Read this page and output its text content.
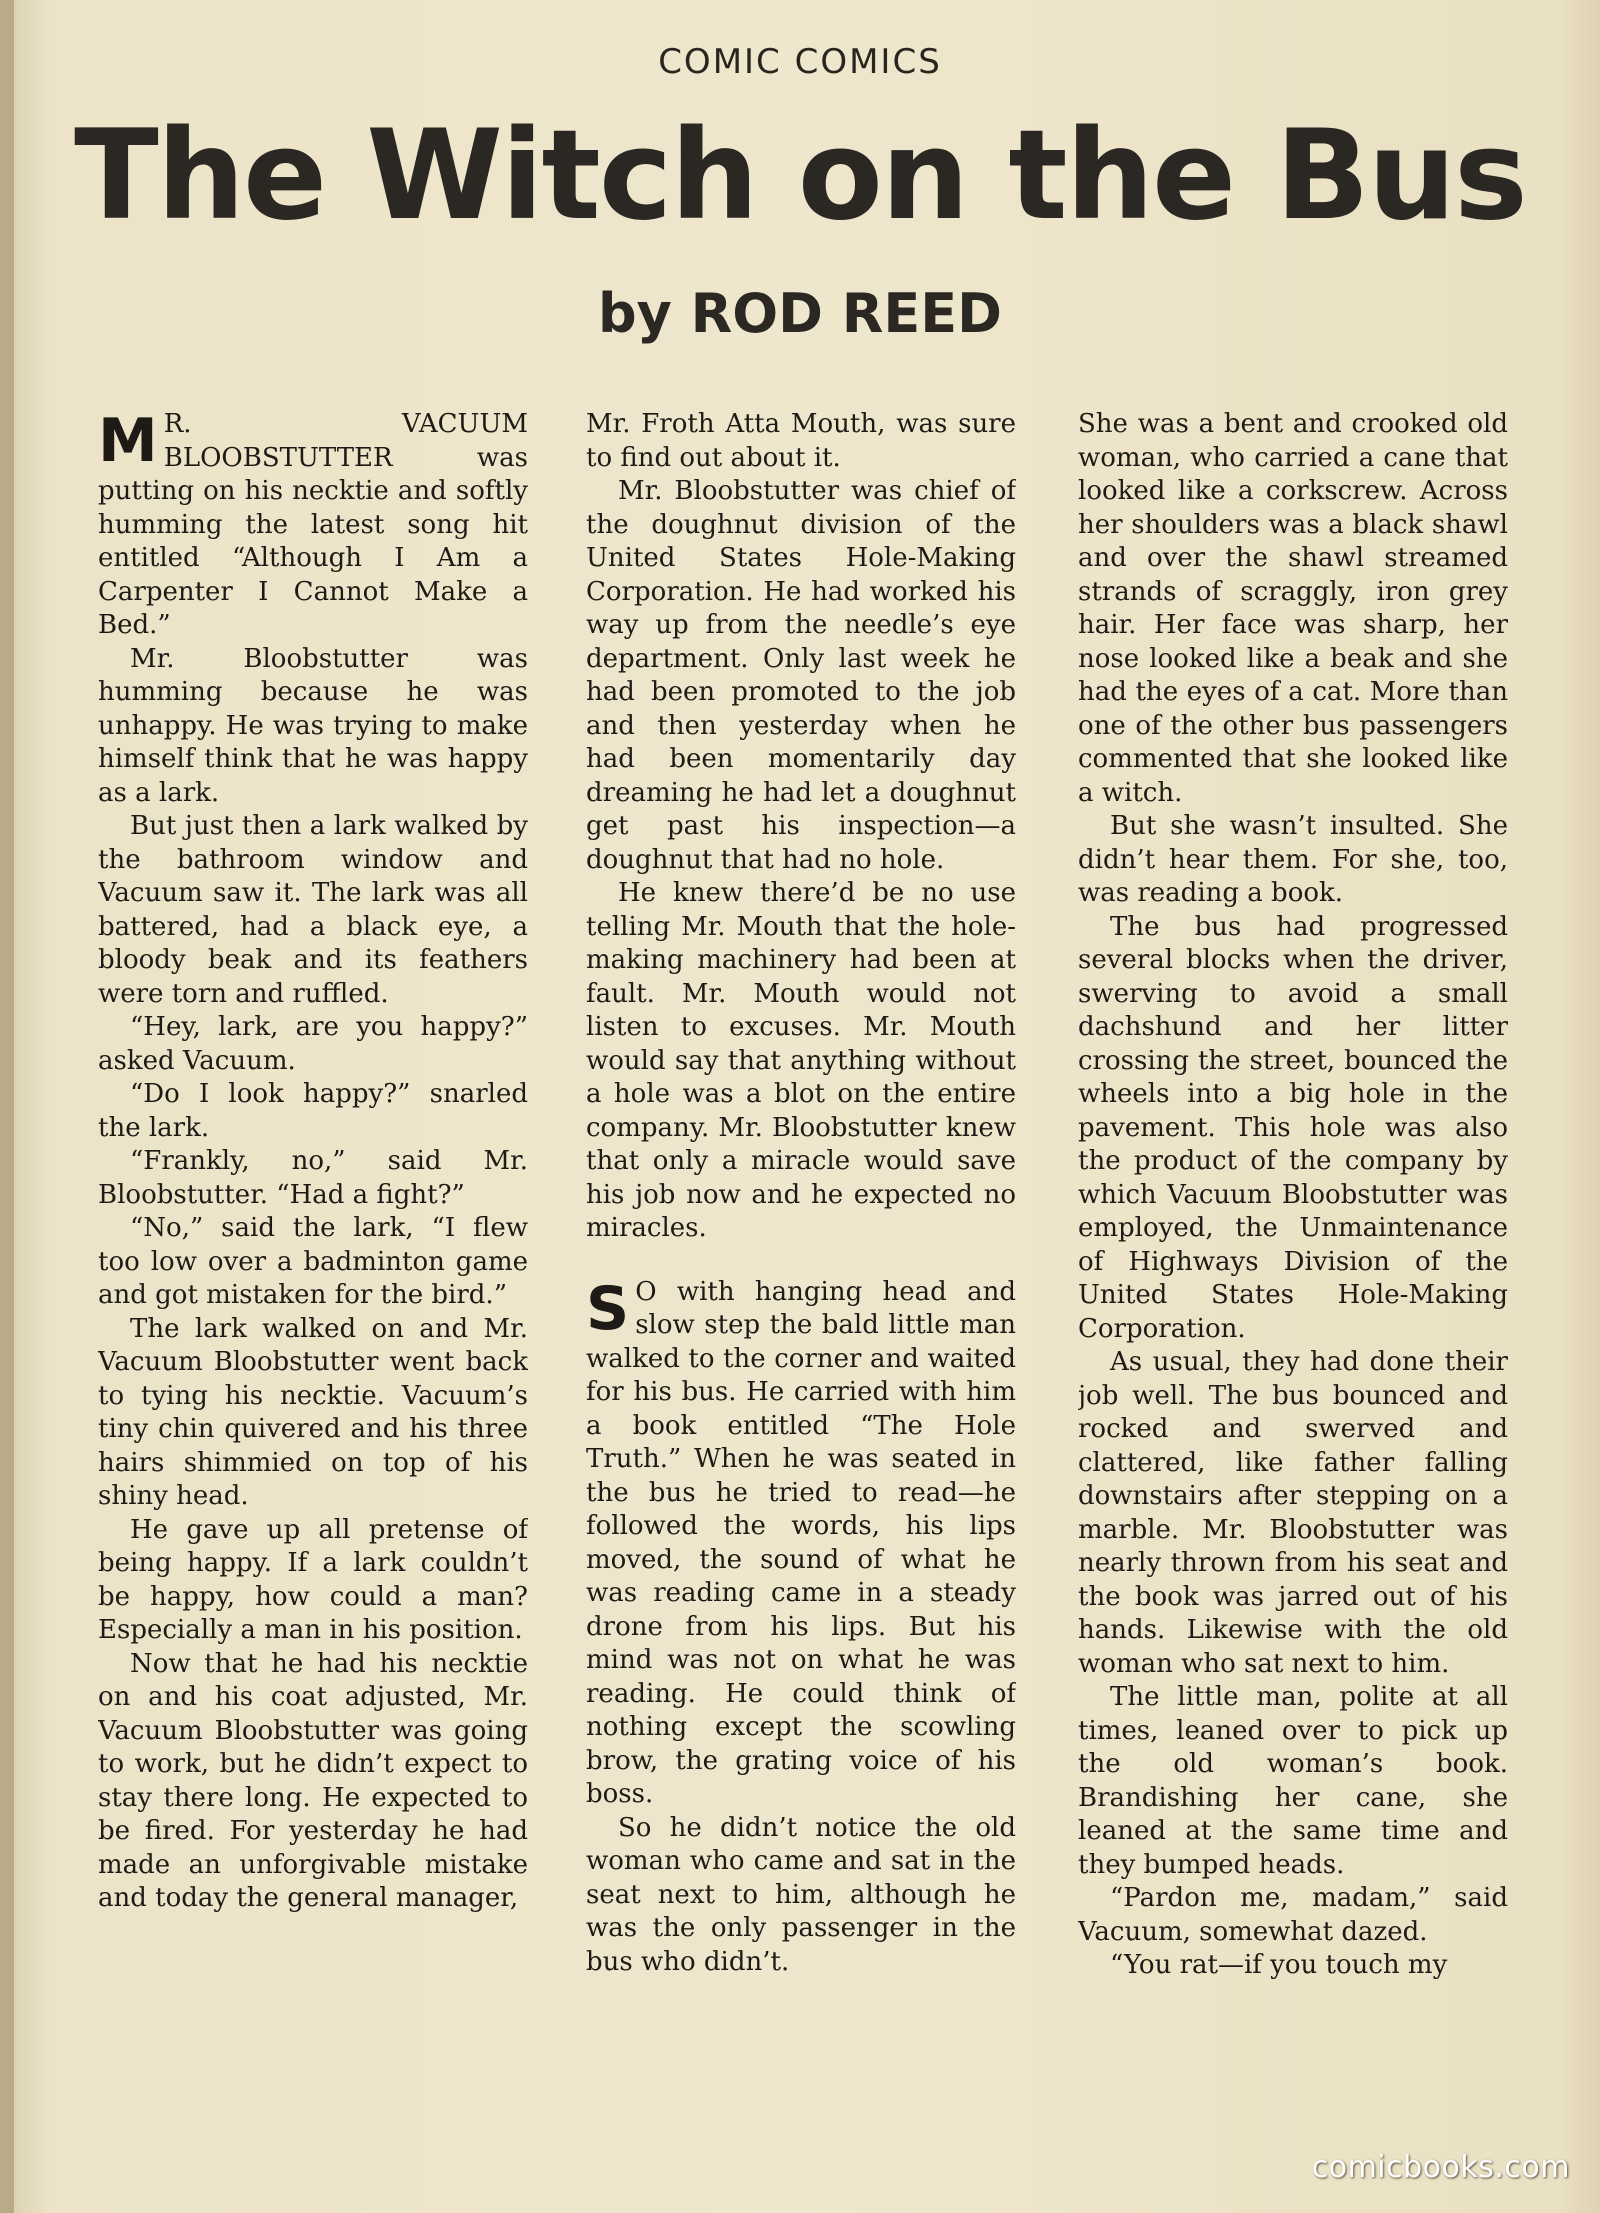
COMIC COMICS
The Witch on the Bus
by ROD REED

M R. VACUUM BLOOBSTUTTER was putting on his necktie and softly humming the latest song hit entitled “Although I Am a Carpenter I Cannot Make a Bed.”

Mr. Bloobstutter was humming because he was unhappy. He was trying to make himself think that he was happy as a lark.

But just then a lark walked by the bathroom window and Vacuum saw it. The lark was all battered, had a black eye, a bloody beak and its feathers were torn and ruffled.

“Hey, lark, are you happy?” asked Vacuum.

“Do I look happy?” snarled the lark.

“Frankly, no,” said Mr. Bloobstutter. “Had a fight?”

“No,” said the lark, “I flew too low over a badminton game and got mistaken for the bird.”

The lark walked on and Mr. Vacuum Bloobstutter went back to tying his necktie. Vacuum’s tiny chin quivered and his three hairs shimmied on top of his shiny head.

He gave up all pretense of being happy. If a lark couldn’t be happy, how could a man? Especially a man in his position.

Now that he had his necktie on and his coat adjusted, Mr. Vacuum Bloobstutter was going to work, but he didn’t expect to stay there long. He expected to be fired. For yesterday he had made an unforgivable mistake and today the general manager,

Mr. Froth Atta Mouth, was sure to find out about it.

Mr. Bloobstutter was chief of the doughnut division of the United States Hole-Making Corporation. He had worked his way up from the needle’s eye department. Only last week he had been promoted to the job and then yesterday when he had been momentarily day dreaming he had let a doughnut get past his inspection—a doughnut that had no hole.

He knew there’d be no use telling Mr. Mouth that the hole-making machinery had been at fault. Mr. Mouth would not listen to excuses. Mr. Mouth would say that anything without a hole was a blot on the entire company. Mr. Bloobstutter knew that only a miracle would save his job now and he expected no miracles.

S O with hanging head and slow step the bald little man walked to the corner and waited for his bus. He carried with him a book entitled “The Hole Truth.” When he was seated in the bus he tried to read—he followed the words, his lips moved, the sound of what he was reading came in a steady drone from his lips. But his mind was not on what he was reading. He could think of nothing except the scowling brow, the grating voice of his boss.

So he didn’t notice the old woman who came and sat in the seat next to him, although he was the only passenger in the bus who didn’t.

She was a bent and crooked old woman, who carried a cane that looked like a corkscrew. Across her shoulders was a black shawl and over the shawl streamed strands of scraggly, iron grey hair. Her face was sharp, her nose looked like a beak and she had the eyes of a cat. More than one of the other bus passengers commented that she looked like a witch.

But she wasn’t insulted. She didn’t hear them. For she, too, was reading a book.

The bus had progressed several blocks when the driver, swerving to avoid a small dachshund and her litter crossing the street, bounced the wheels into a big hole in the pavement. This hole was also the product of the company by which Vacuum Bloobstutter was employed, the Unmaintenance of Highways Division of the United States Hole-Making Corporation.

As usual, they had done their job well. The bus bounced and rocked and swerved and clattered, like father falling downstairs after stepping on a marble. Mr. Bloobstutter was nearly thrown from his seat and the book was jarred out of his hands. Likewise with the old woman who sat next to him.

The little man, polite at all times, leaned over to pick up the old woman’s book. Brandishing her cane, she leaned at the same time and they bumped heads.

“Pardon me, madam,” said Vacuum, somewhat dazed.

“You rat—if you touch my

comicbooks.com
